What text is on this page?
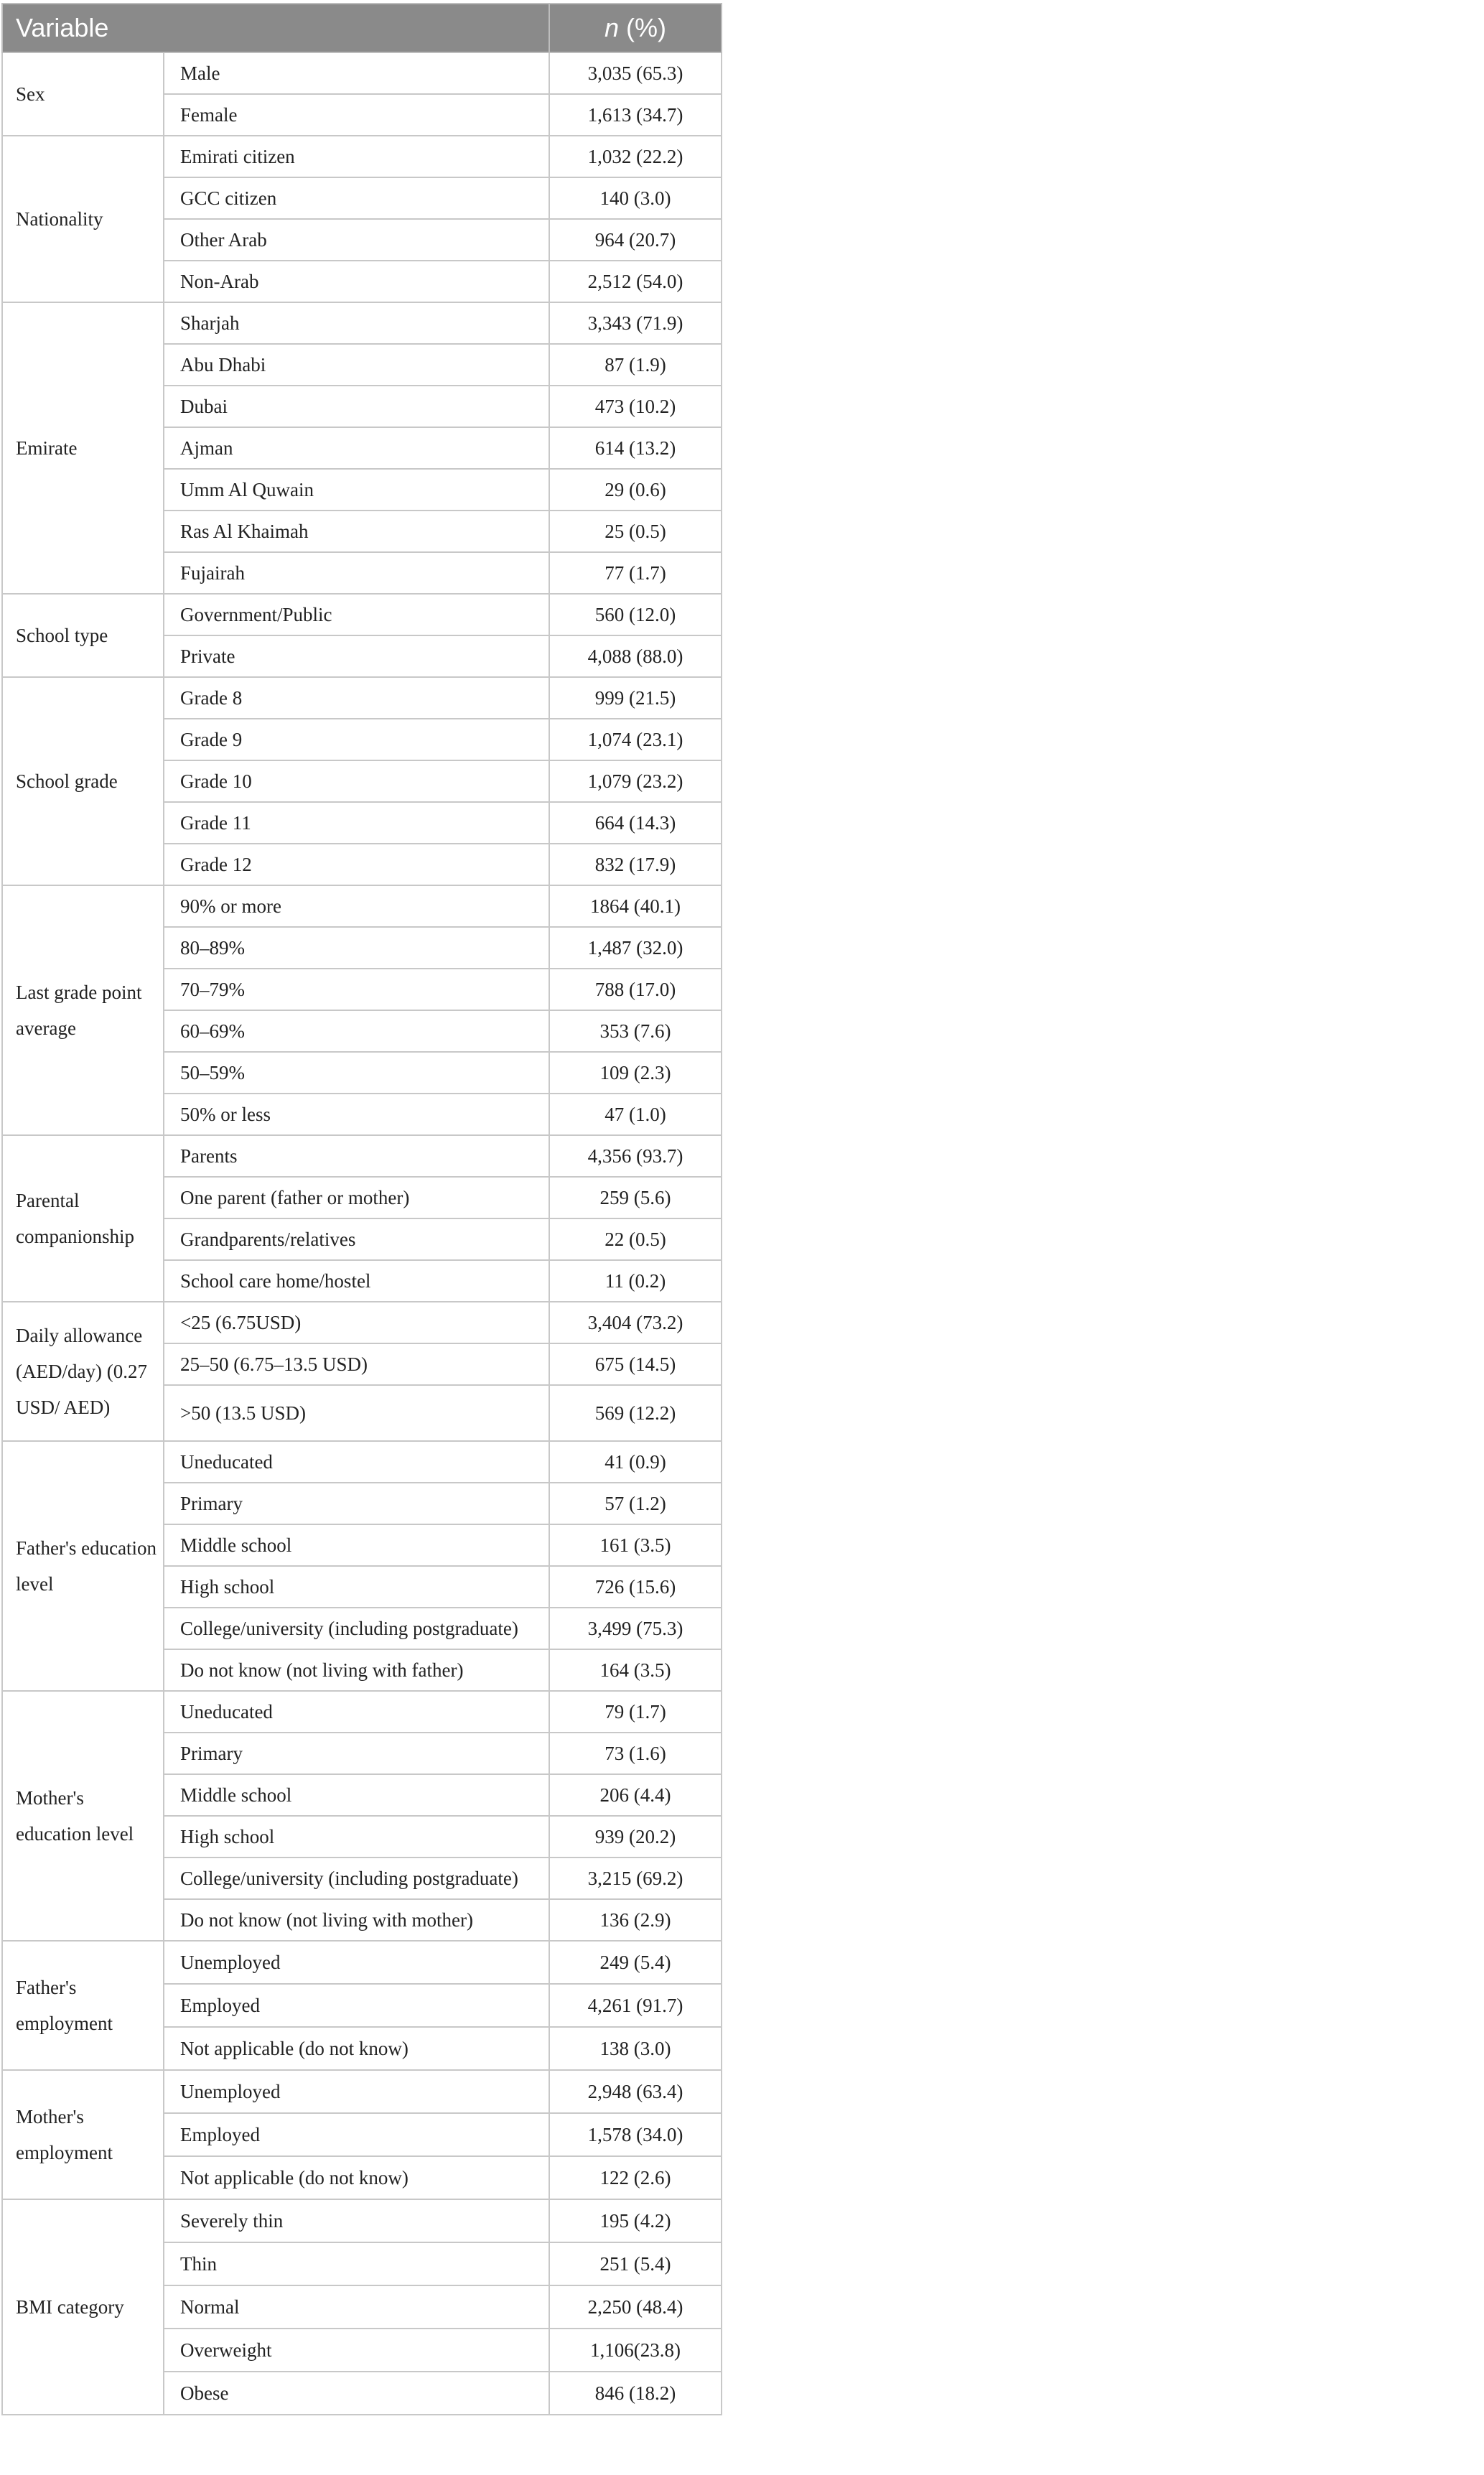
Variable		n (%)
Sex	Male	3,035 (65.3)
	Female	1,613 (34.7)
Nationality	Emirati citizen	1,032 (22.2)
	GCC citizen	140 (3.0)
	Other Arab	964 (20.7)
	Non-Arab	2,512 (54.0)
Emirate	Sharjah	3,343 (71.9)
	Abu Dhabi	87 (1.9)
	Dubai	473 (10.2)
	Ajman	614 (13.2)
	Umm Al Quwain	29 (0.6)
	Ras Al Khaimah	25 (0.5)
	Fujairah	77 (1.7)
School type	Government/Public	560 (12.0)
	Private	4,088 (88.0)
School grade	Grade 8	999 (21.5)
	Grade 9	1,074 (23.1)
	Grade 10	1,079 (23.2)
	Grade 11	664 (14.3)
	Grade 12	832 (17.9)
Last grade point average	90% or more	1864 (40.1)
	80–89%	1,487 (32.0)
	70–79%	788 (17.0)
	60–69%	353 (7.6)
	50–59%	109 (2.3)
	50% or less	47 (1.0)
Parental companionship	Parents	4,356 (93.7)
	One parent (father or mother)	259 (5.6)
	Grandparents/relatives	22 (0.5)
	School care home/hostel	11 (0.2)
Daily allowance (AED/day) (0.27 USD/ AED)	<25 (6.75USD)	3,404 (73.2)
	25–50 (6.75–13.5 USD)	675 (14.5)
	>50 (13.5 USD)	569 (12.2)
Father's education level	Uneducated	41 (0.9)
	Primary	57 (1.2)
	Middle school	161 (3.5)
	High school	726 (15.6)
	College/university (including postgraduate)	3,499 (75.3)
	Do not know (not living with father)	164 (3.5)
Mother's education level	Uneducated	79 (1.7)
	Primary	73 (1.6)
	Middle school	206 (4.4)
	High school	939 (20.2)
	College/university (including postgraduate)	3,215 (69.2)
	Do not know (not living with mother)	136 (2.9)
Father's employment	Unemployed	249 (5.4)
	Employed	4,261 (91.7)
	Not applicable (do not know)	138 (3.0)
Mother's employment	Unemployed	2,948 (63.4)
	Employed	1,578 (34.0)
	Not applicable (do not know)	122 (2.6)
BMI category	Severely thin	195 (4.2)
	Thin	251 (5.4)
	Normal	2,250 (48.4)
	Overweight	1,106(23.8)
	Obese	846 (18.2)
